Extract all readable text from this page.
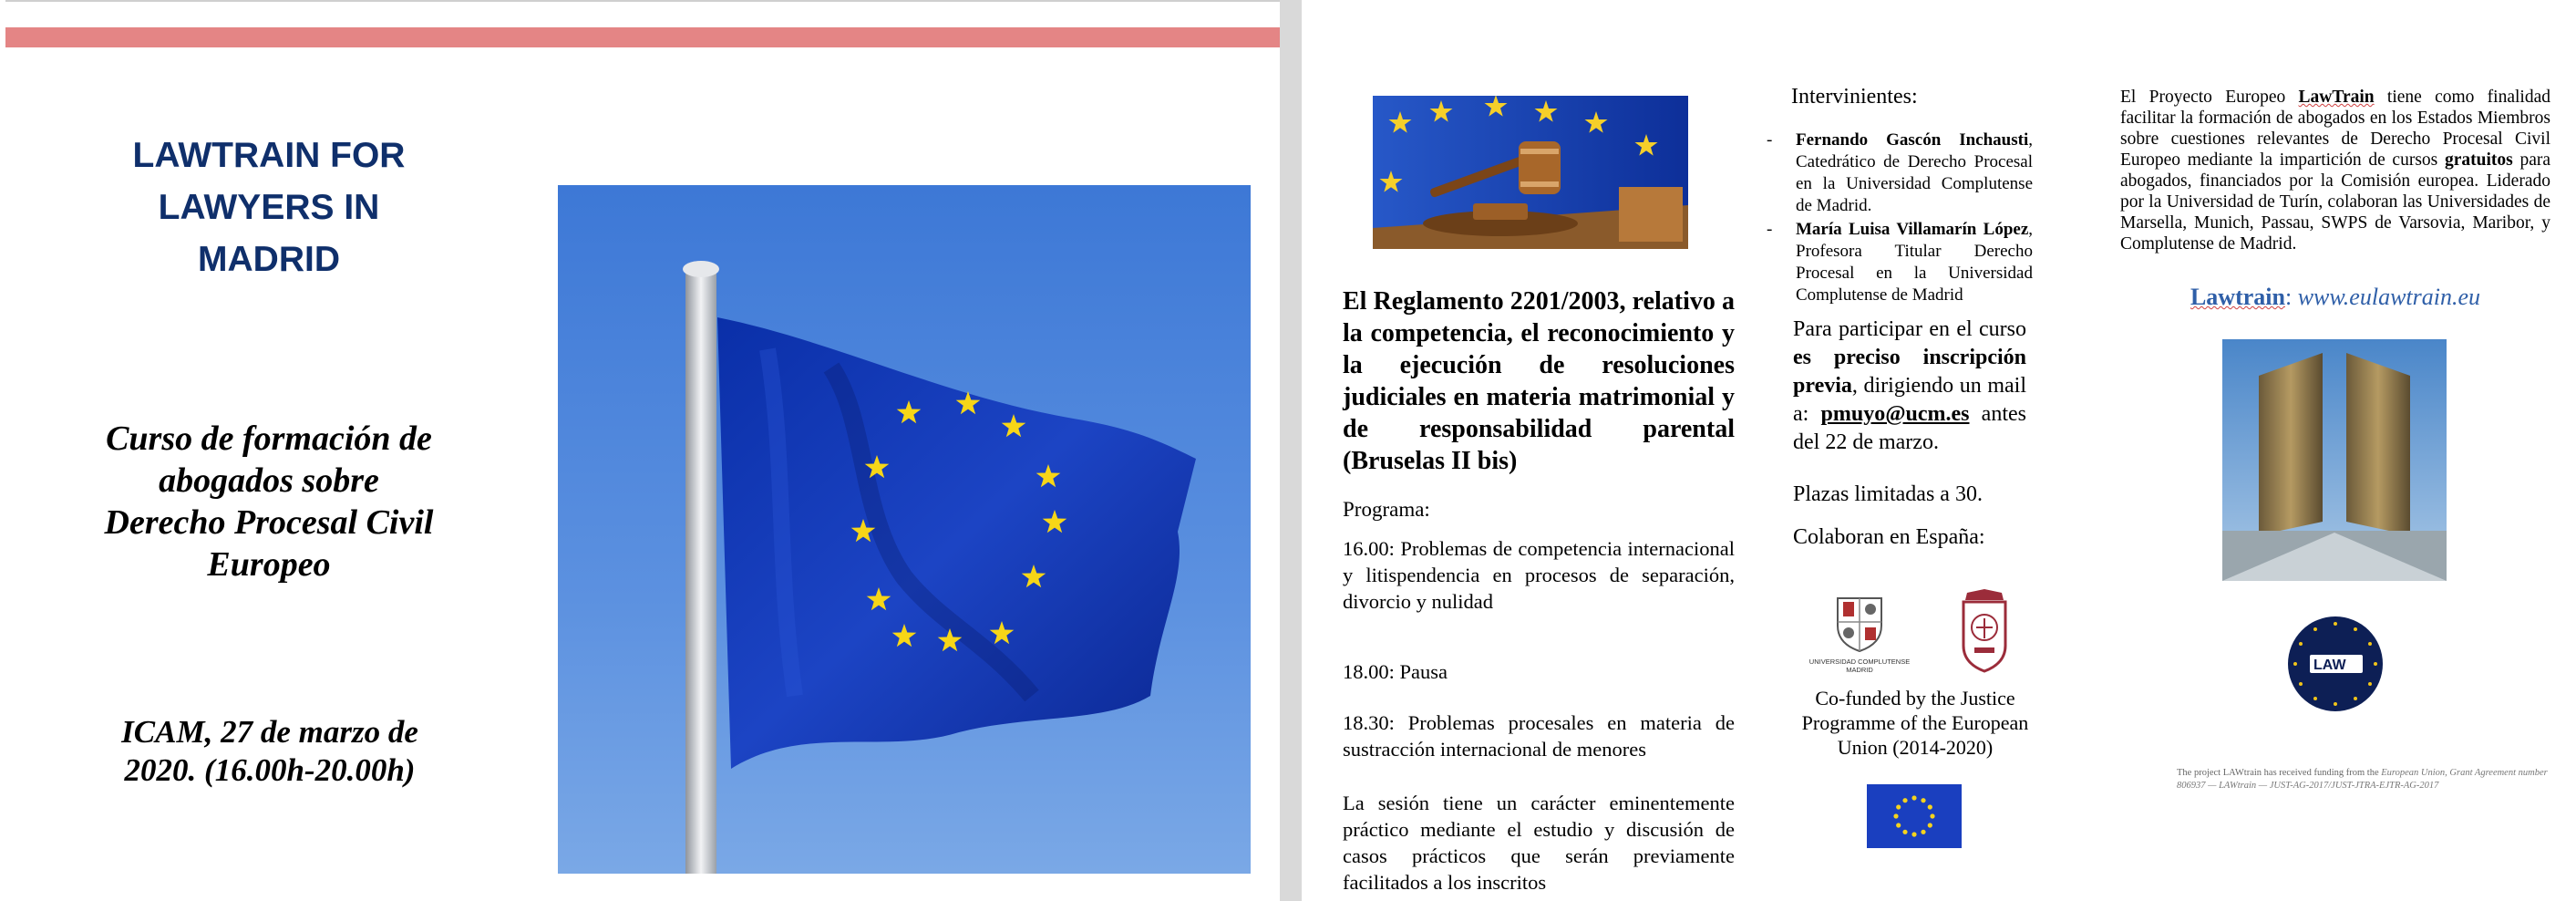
LAWTRAIN FOR LAWYERS IN MADRID
Curso de formación de abogados sobre Derecho Procesal Civil Europeo
ICAM, 27 de marzo de 2020. (16.00h-20.00h)
El Reglamento 2201/2003, relativo a la competencia, el reconocimiento y la ejecución de resoluciones judiciales en materia matrimonial y de responsabilidad parental (Bruselas II bis)
Programa:
16.00: Problemas de competencia internacional y litispendencia en procesos de separación, divorcio y nulidad
18.00: Pausa
18.30: Problemas procesales en materia de sustracción internacional de menores
La sesión tiene un carácter eminentemente práctico mediante el estudio y discusión de casos prácticos que serán previamente facilitados a los inscritos
Intervinientes:
- Fernando Gascón Inchausti, Catedrático de Derecho Procesal en la Universidad Complutense de Madrid.
- María Luisa Villamarín López, Profesora Titular Derecho Procesal en la Universidad Complutense de Madrid
Para participar en el curso es preciso inscripción previa, dirigiendo un mail a: pmuyo@ucm.es antes del 22 de marzo.
Plazas limitadas a 30.
Colaboran en España:
UNIVERSIDAD COMPLUTENSE MADRID
Co-funded by the Justice Programme of the European Union (2014-2020)
El Proyecto Europeo LawTrain tiene como finalidad facilitar la formación de abogados en los Estados Miembros sobre cuestiones relevantes de Derecho Procesal Civil Europeo mediante la impartición de cursos gratuitos para abogados, financiados por la Comisión europea. Liderado por la Universidad de Turín, colaboran las Universidades de Marsella, Munich, Passau, SWPS de Varsovia, Maribor, y Complutense de Madrid.
Lawtrain: www.eulawtrain.eu
LAW
The project LAWtrain has received funding from the European Union, Grant Agreement number 806937 — LAWtrain — JUST-AG-2017/JUST-JTRA-EJTR-AG-2017
